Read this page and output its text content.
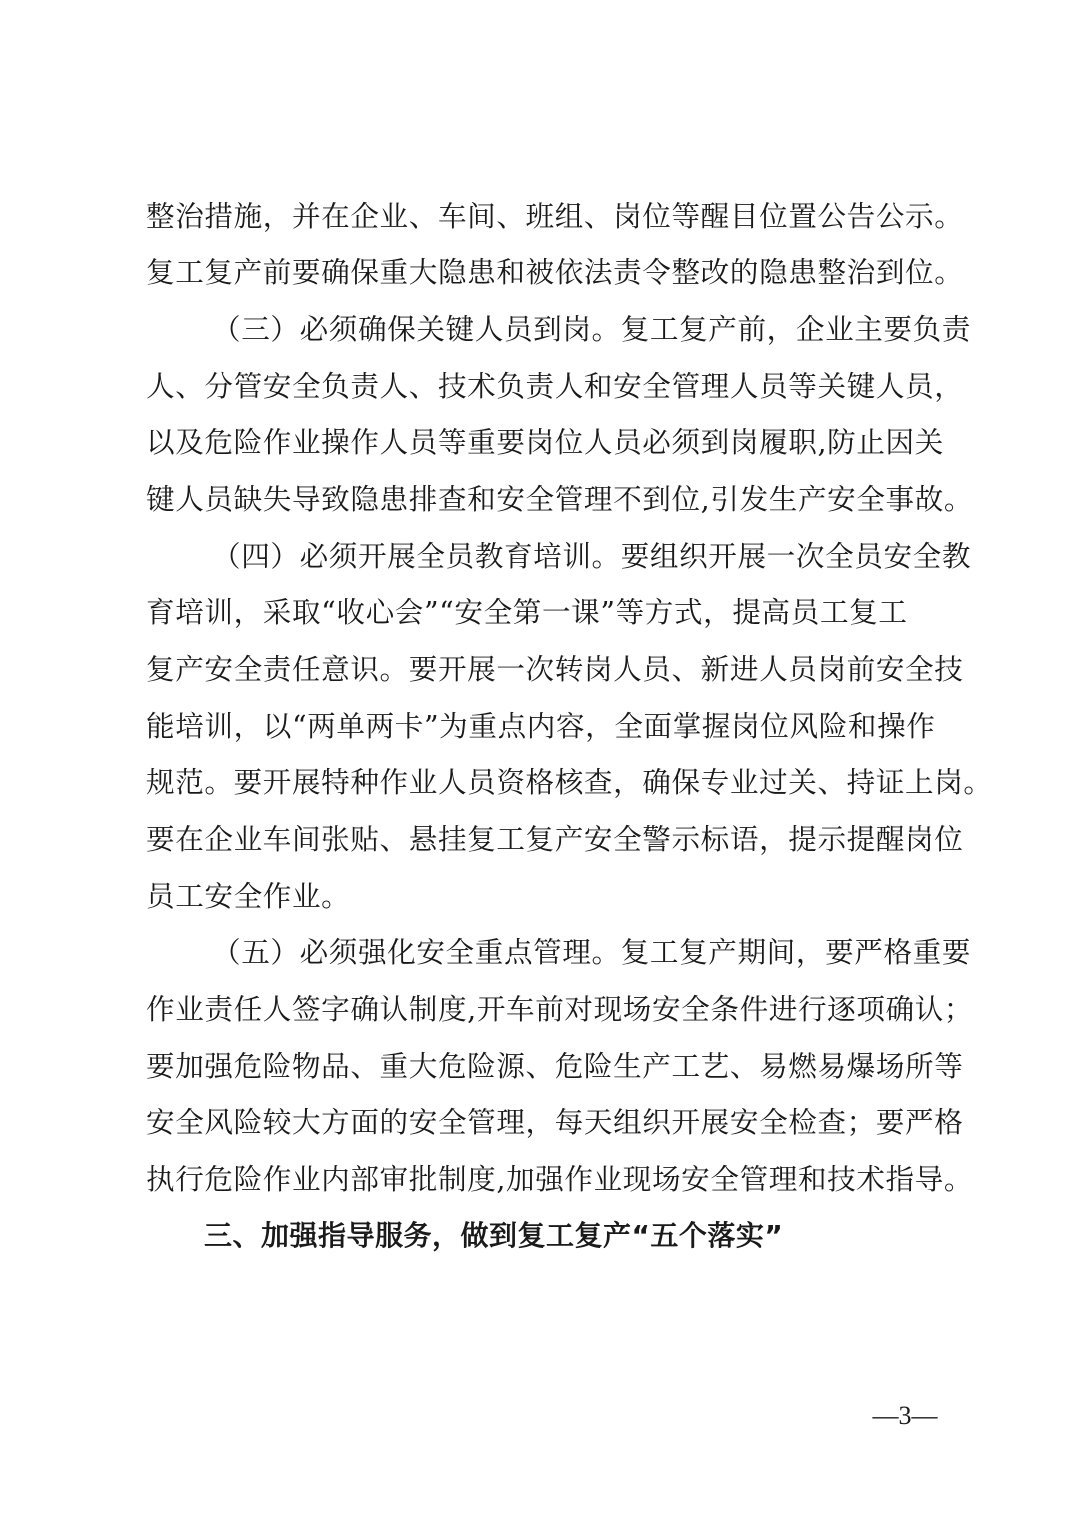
整治措施，并在企业、车间、班组、岗位等醒目位置公告公示。
复工复产前要确保重大隐患和被依法责令整改的隐患整治到位。
（三）必须确保关键人员到岗。复工复产前，企业主要负责
人、分管安全负责人、技术负责人和安全管理人员等关键人员，
以及危险作业操作人员等重要岗位人员必须到岗履职,防止因关
键人员缺失导致隐患排查和安全管理不到位,引发生产安全事故。
（四）必须开展全员教育培训。要组织开展一次全员安全教
育培训，采取“收心会”“安全第一课”等方式，提高员工复工
复产安全责任意识。要开展一次转岗人员、新进人员岗前安全技
能培训，以“两单两卡”为重点内容，全面掌握岗位风险和操作
规范。要开展特种作业人员资格核查，确保专业过关、持证上岗。
要在企业车间张贴、悬挂复工复产安全警示标语，提示提醒岗位
员工安全作业。
（五）必须强化安全重点管理。复工复产期间，要严格重要
作业责任人签字确认制度,开车前对现场安全条件进行逐项确认；
要加强危险物品、重大危险源、危险生产工艺、易燃易爆场所等
安全风险较大方面的安全管理，每天组织开展安全检查；要严格
执行危险作业内部审批制度,加强作业现场安全管理和技术指导。
三、加强指导服务，做到复工复产“五个落实”
—3—
